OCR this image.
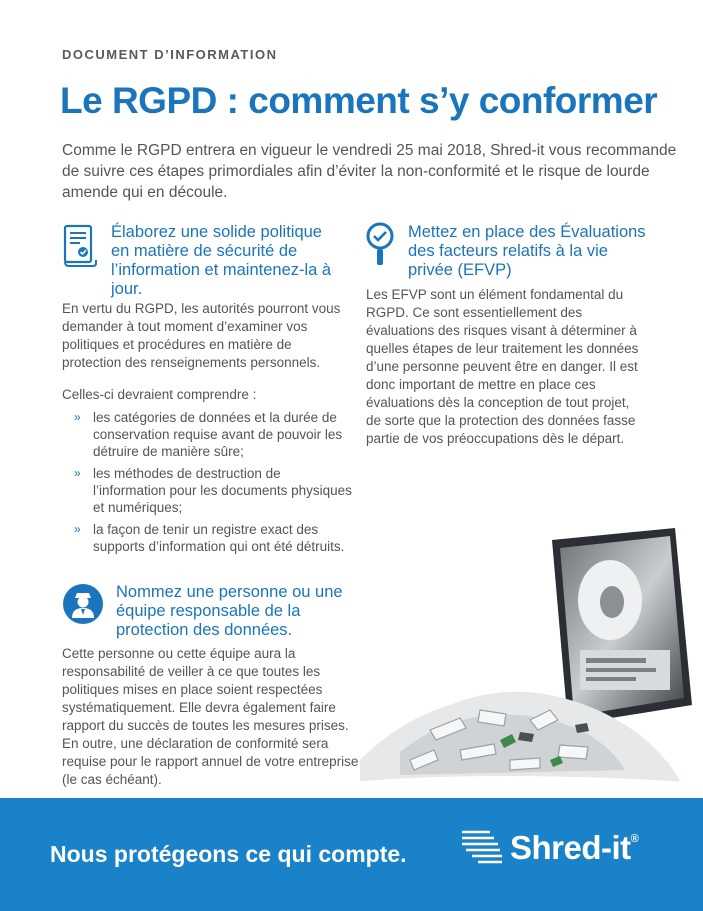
DOCUMENT D’INFORMATION
Le RGPD : comment s’y conformer
Comme le RGPD entrera en vigueur le vendredi 25 mai 2018, Shred-it vous recommande de suivre ces étapes primordiales afin d’éviter la non-conformité et le risque de lourde amende qui en découle.
Élaborez une solide politique en matière de sécurité de l’information et maintenez-la à jour.

En vertu du RGPD, les autorités pourront vous demander à tout moment d’examiner vos politiques et procédures en matière de protection des renseignements personnels.

Celles-ci devraient comprendre :
» les catégories de données et la durée de conservation requise avant de pouvoir les détruire de manière sûre;
» les méthodes de destruction de l’information pour les documents physiques et numériques;
» la façon de tenir un registre exact des supports d’information qui ont été détruits.
Mettez en place des Évaluations des facteurs relatifs à la vie privée (EFVP)
Les EFVP sont un élément fondamental du RGPD. Ce sont essentiellement des évaluations des risques visant à déterminer à quelles étapes de leur traitement les données d’une personne peuvent être en danger. Il est donc important de mettre en place ces évaluations dès la conception de tout projet, de sorte que la protection des données fasse partie de vos préoccupations dès le départ.
Nommez une personne ou une équipe responsable de la protection des données.
Cette personne ou cette équipe aura la responsabilité de veiller à ce que toutes les politiques mises en place soient respectées systématiquement. Elle devra également faire rapport du succès de toutes les mesures prises. En outre, une déclaration de conformité sera requise pour le rapport annuel de votre entreprise (le cas échéant).
Nous protégeons ce qui compte.	Shred-it®
